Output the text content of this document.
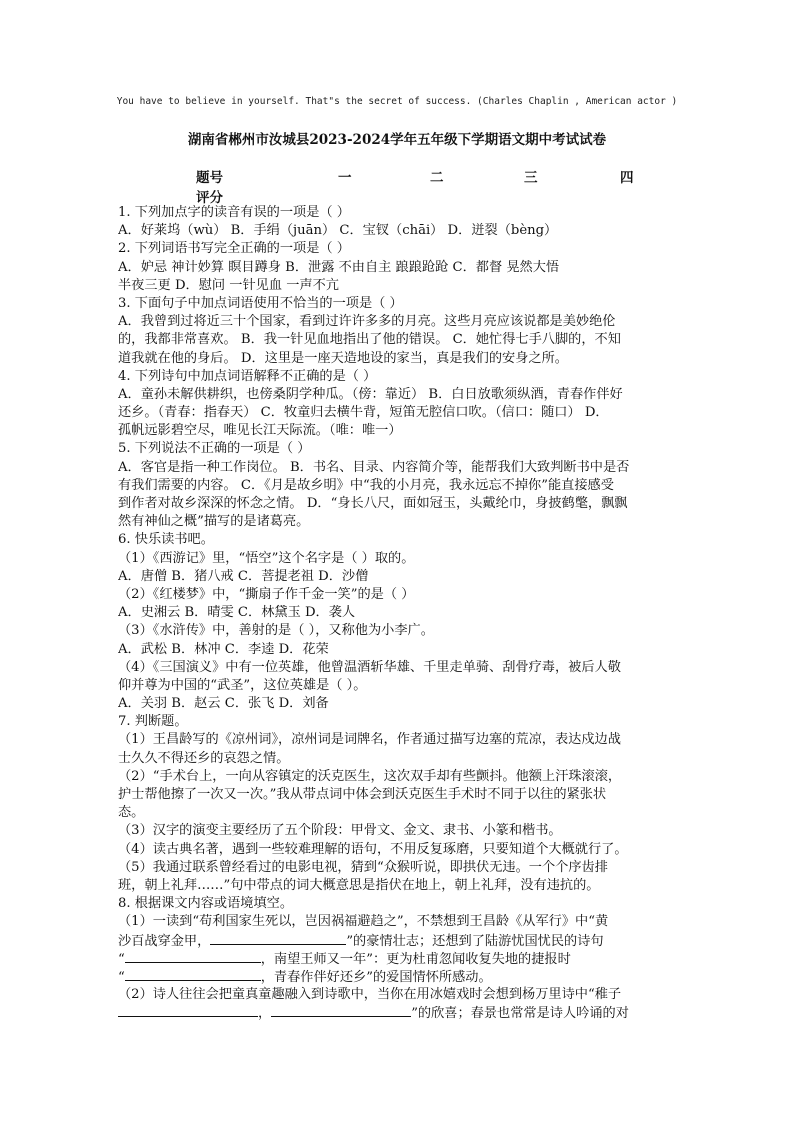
You have to believe in yourself. That"s the secret of success. (Charles Chaplin , American actor )
湖南省郴州市汝城县2023-2024学年五年级下学期语文期中考试试卷
题号	一	二	三	四
评分
1. 下列加点字的读音有误的一项是（ ）
A．好莱坞（wù） B．手绢（juān） C．宝钗（chāi） D．迸裂（bèng）
2. 下列词语书写完全正确的一项是（ ）
A．妒忌 神计妙算 瞑目蹲身 B．泄露 不由自主 踉踉跄跄 C．都督 晃然大悟
半夜三更 D．慰问 一针见血 一声不亢
3. 下面句子中加点词语使用不恰当的一项是（ ）
A．我曾到过将近三十个国家，看到过许许多多的月亮。这些月亮应该说都是美妙绝伦
的，我都非常喜欢。 B．我一针见血地指出了他的错误。 C．她忙得七手八脚的，不知
道我就在他的身后。 D．这里是一座天造地设的家当，真是我们的安身之所。
4. 下列诗句中加点词语解释不正确的是（ ）
A．童孙未解供耕织，也傍桑阴学种瓜。（傍：靠近） B．白日放歌须纵酒，青春作伴好
还乡。（青春：指春天） C．牧童归去横牛背，短笛无腔信口吹。（信口：随口） D．
孤帆远影碧空尽，唯见长江天际流。（唯：唯一）
5. 下列说法不正确的一项是（ ）
A．客官是指一种工作岗位。 B．书名、目录、内容简介等，能帮我们大致判断书中是否
有我们需要的内容。 C．《月是故乡明》中“我的小月亮，我永远忘不掉你”能直接感受
到作者对故乡深深的怀念之情。 D．“身长八尺，面如冠玉，头戴纶巾，身披鹤氅，飘飘
然有神仙之概”描写的是诸葛亮。
6. 快乐读书吧。
（1）《西游记》里，“悟空”这个名字是（ ）取的。
A．唐僧 B．猪八戒 C．菩提老祖 D．沙僧
（2）《红楼梦》中，“撕扇子作千金一笑”的是（ ）
A．史湘云 B．晴雯 C．林黛玉 D．袭人
（3）《水浒传》中，善射的是（ ），又称他为小李广。
A．武松 B．林冲 C．李逵 D．花荣
（4）《三国演义》中有一位英雄，他曾温酒斩华雄、千里走单骑、刮骨疗毒，被后人敬
仰并尊为中国的“武圣”，这位英雄是（ ）。
A．关羽 B．赵云 C．张飞 D．刘备
7. 判断题。
（1）王昌龄写的《凉州词》，凉州词是词牌名，作者通过描写边塞的荒凉，表达戍边战
士久久不得还乡的哀怨之情。
（2）“手术台上，一向从容镇定的沃克医生，这次双手却有些颤抖。他额上汗珠滚滚，
护士帮他擦了一次又一次。”我从带点词中体会到沃克医生手术时不同于以往的紧张状
态。
（3）汉字的演变主要经历了五个阶段：甲骨文、金文、隶书、小篆和楷书。
（4）读古典名著，遇到一些较难理解的语句，不用反复琢磨，只要知道个大概就行了。
（5）我通过联系曾经看过的电影电视，猜到“众猴听说，即拱伏无违。一个个序齿排
班，朝上礼拜……”句中带点的词大概意思是指伏在地上，朝上礼拜，没有违抗的。
8. 根据课文内容或语境填空。
（1）一读到“苟利国家生死以，岂因祸福避趋之”，不禁想到王昌龄《从军行》中“黄
沙百战穿金甲，	”的豪情壮志；还想到了陆游忧国忧民的诗句
“	，南望王师又一年”：更为杜甫忽闻收复失地的捷报时
“	，青春作伴好还乡”的爱国情怀所感动。
（2）诗人往往会把童真童趣融入到诗歌中，当你在用冰嬉戏时会想到杨万里诗中“稚子
，	”的欣喜；春景也常常是诗人吟诵的对
